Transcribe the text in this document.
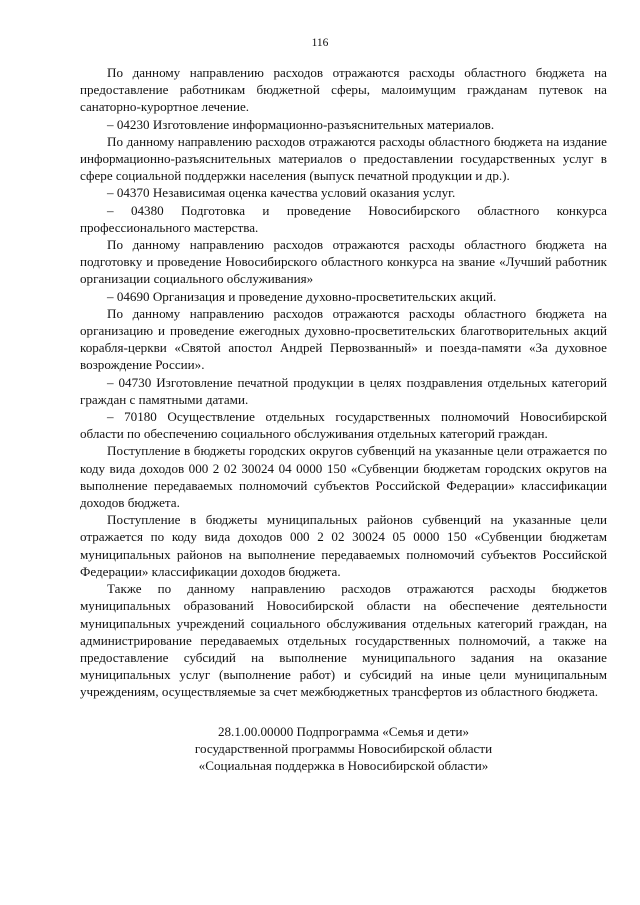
116

По данному направлению расходов отражаются расходы областного бюджета на предоставление работникам бюджетной сферы, малоимущим гражданам путевок на санаторно-курортное лечение.

– 04230 Изготовление информационно-разъяснительных материалов.

По данному направлению расходов отражаются расходы областного бюджета на издание информационно-разъяснительных материалов о предоставлении государственных услуг в сфере социальной поддержки населения (выпуск печатной продукции и др.).

– 04370 Независимая оценка качества условий оказания услуг.

– 04380 Подготовка и проведение Новосибирского областного конкурса профессионального мастерства.

По данному направлению расходов отражаются расходы областного бюджета на подготовку и проведение Новосибирского областного конкурса на звание «Лучший работник организации социального обслуживания»

– 04690 Организация и проведение духовно-просветительских акций.

По данному направлению расходов отражаются расходы областного бюджета на организацию и проведение ежегодных духовно-просветительских благотворительных акций корабля-церкви «Святой апостол Андрей Первозванный» и поезда-памяти «За духовное возрождение России».

– 04730 Изготовление печатной продукции в целях поздравления отдельных категорий граждан с памятными датами.

– 70180 Осуществление отдельных государственных полномочий Новосибирской области по обеспечению социального обслуживания отдельных категорий граждан.

Поступление в бюджеты городских округов субвенций на указанные цели отражается по коду вида доходов 000 2 02 30024 04 0000 150 «Субвенции бюджетам городских округов на выполнение передаваемых полномочий субъектов Российской Федерации» классификации доходов бюджета.

Поступление в бюджеты муниципальных районов субвенций на указанные цели отражается по коду вида доходов 000 2 02 30024 05 0000 150 «Субвенции бюджетам муниципальных районов на выполнение передаваемых полномочий субъектов Российской Федерации» классификации доходов бюджета.

Также по данному направлению расходов отражаются расходы бюджетов муниципальных образований Новосибирской области на обеспечение деятельности муниципальных учреждений социального обслуживания отдельных категорий граждан, на администрирование передаваемых отдельных государственных полномочий, а также на предоставление субсидий на выполнение муниципального задания на оказание муниципальных услуг (выполнение работ) и субсидий на иные цели муниципальным учреждениям, осуществляемые за счет межбюджетных трансфертов из областного бюджета.

28.1.00.00000 Подпрограмма «Семья и дети»
государственной программы Новосибирской области
«Социальная поддержка в Новосибирской области»
